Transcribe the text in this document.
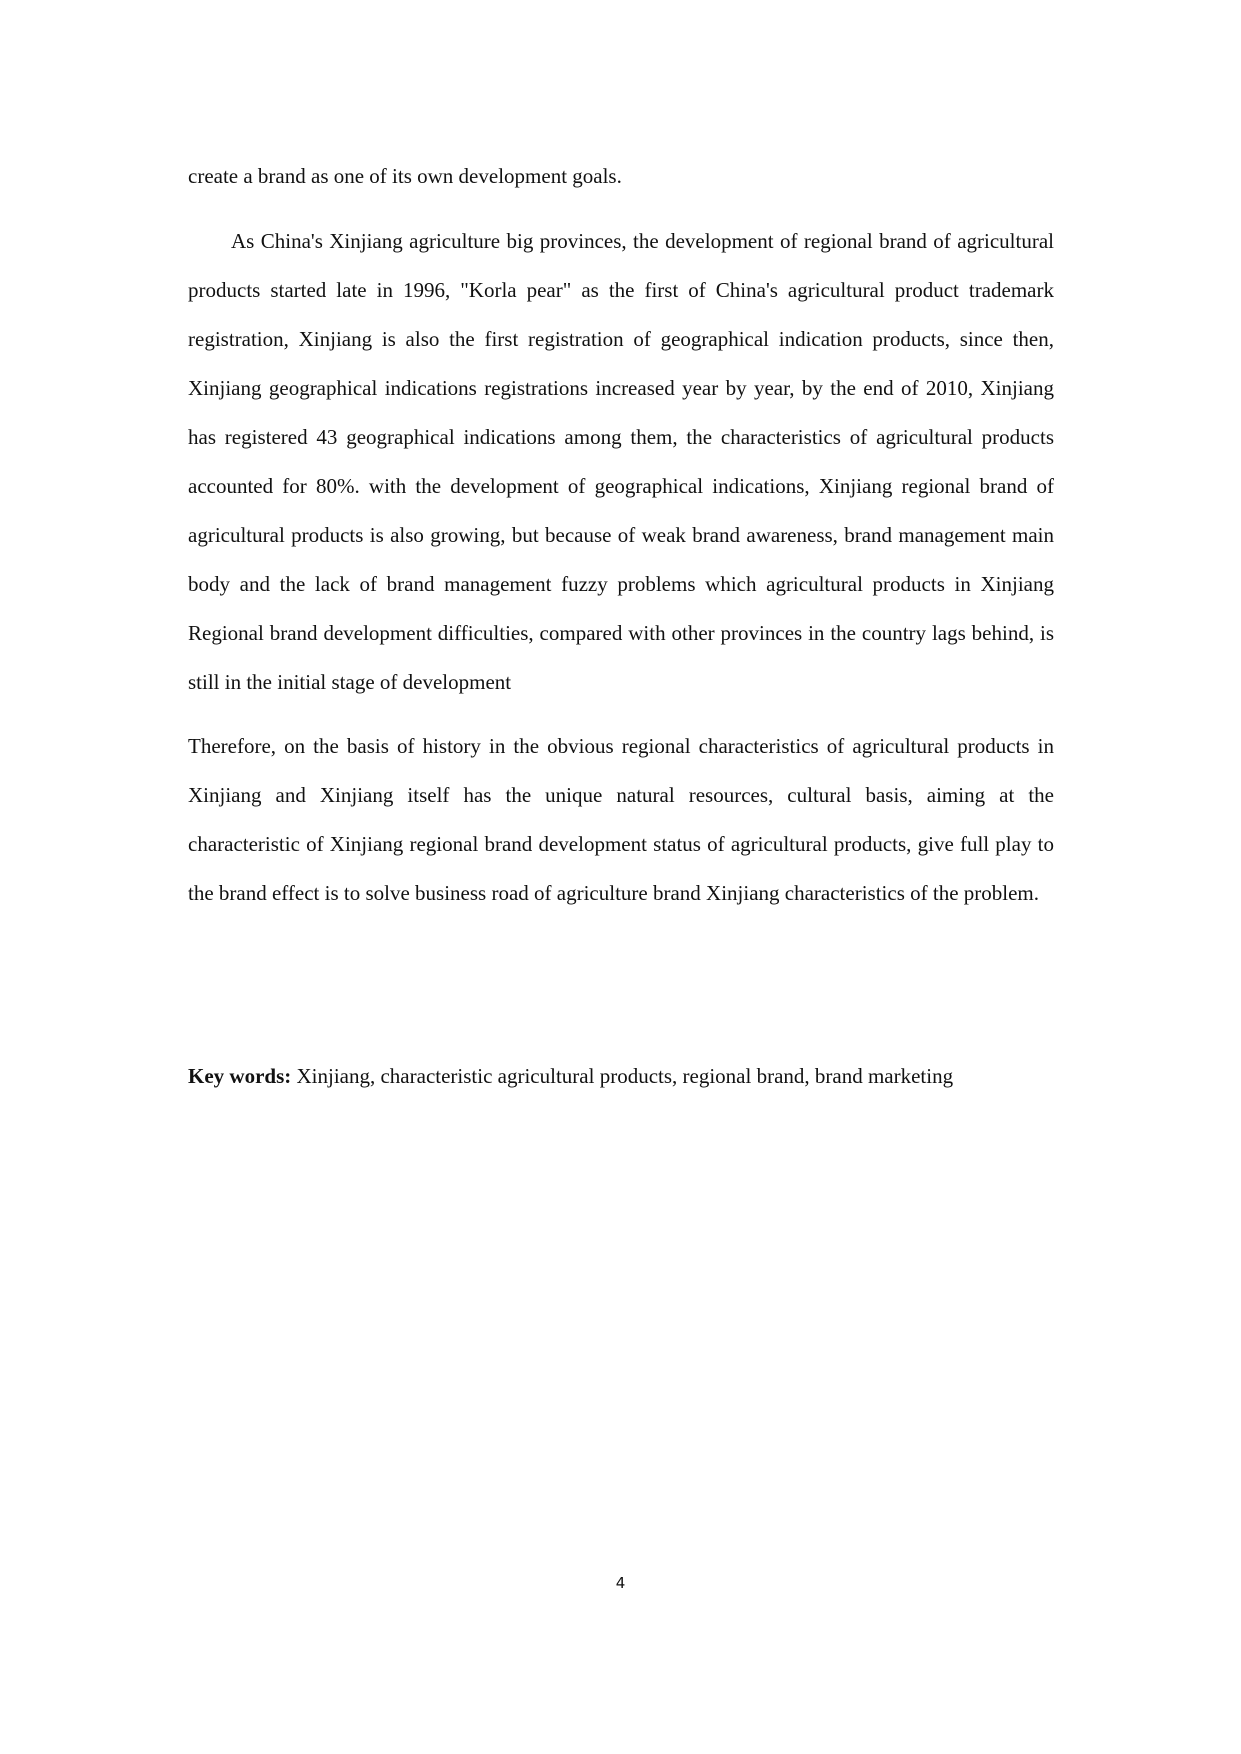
create a brand as one of its own development goals.

As China's Xinjiang agriculture big provinces, the development of regional brand of agricultural products started late in 1996, "Korla pear" as the first of China's agricultural product trademark registration, Xinjiang is also the first registration of geographical indication products, since then, Xinjiang geographical indications registrations increased year by year, by the end of 2010, Xinjiang has registered 43 geographical indications among them, the characteristics of agricultural products accounted for 80%. with the development of geographical indications, Xinjiang regional brand of agricultural products is also growing, but because of weak brand awareness, brand management main body and the lack of brand management fuzzy problems which agricultural products in Xinjiang Regional brand development difficulties, compared with other provinces in the country lags behind, is still in the initial stage of development

Therefore, on the basis of history in the obvious regional characteristics of agricultural products in Xinjiang and Xinjiang itself has the unique natural resources, cultural basis, aiming at the characteristic of Xinjiang regional brand development status of agricultural products, give full play to the brand effect is to solve business road of agriculture brand Xinjiang characteristics of the problem.

Key words: Xinjiang, characteristic agricultural products, regional brand, brand marketing

4
